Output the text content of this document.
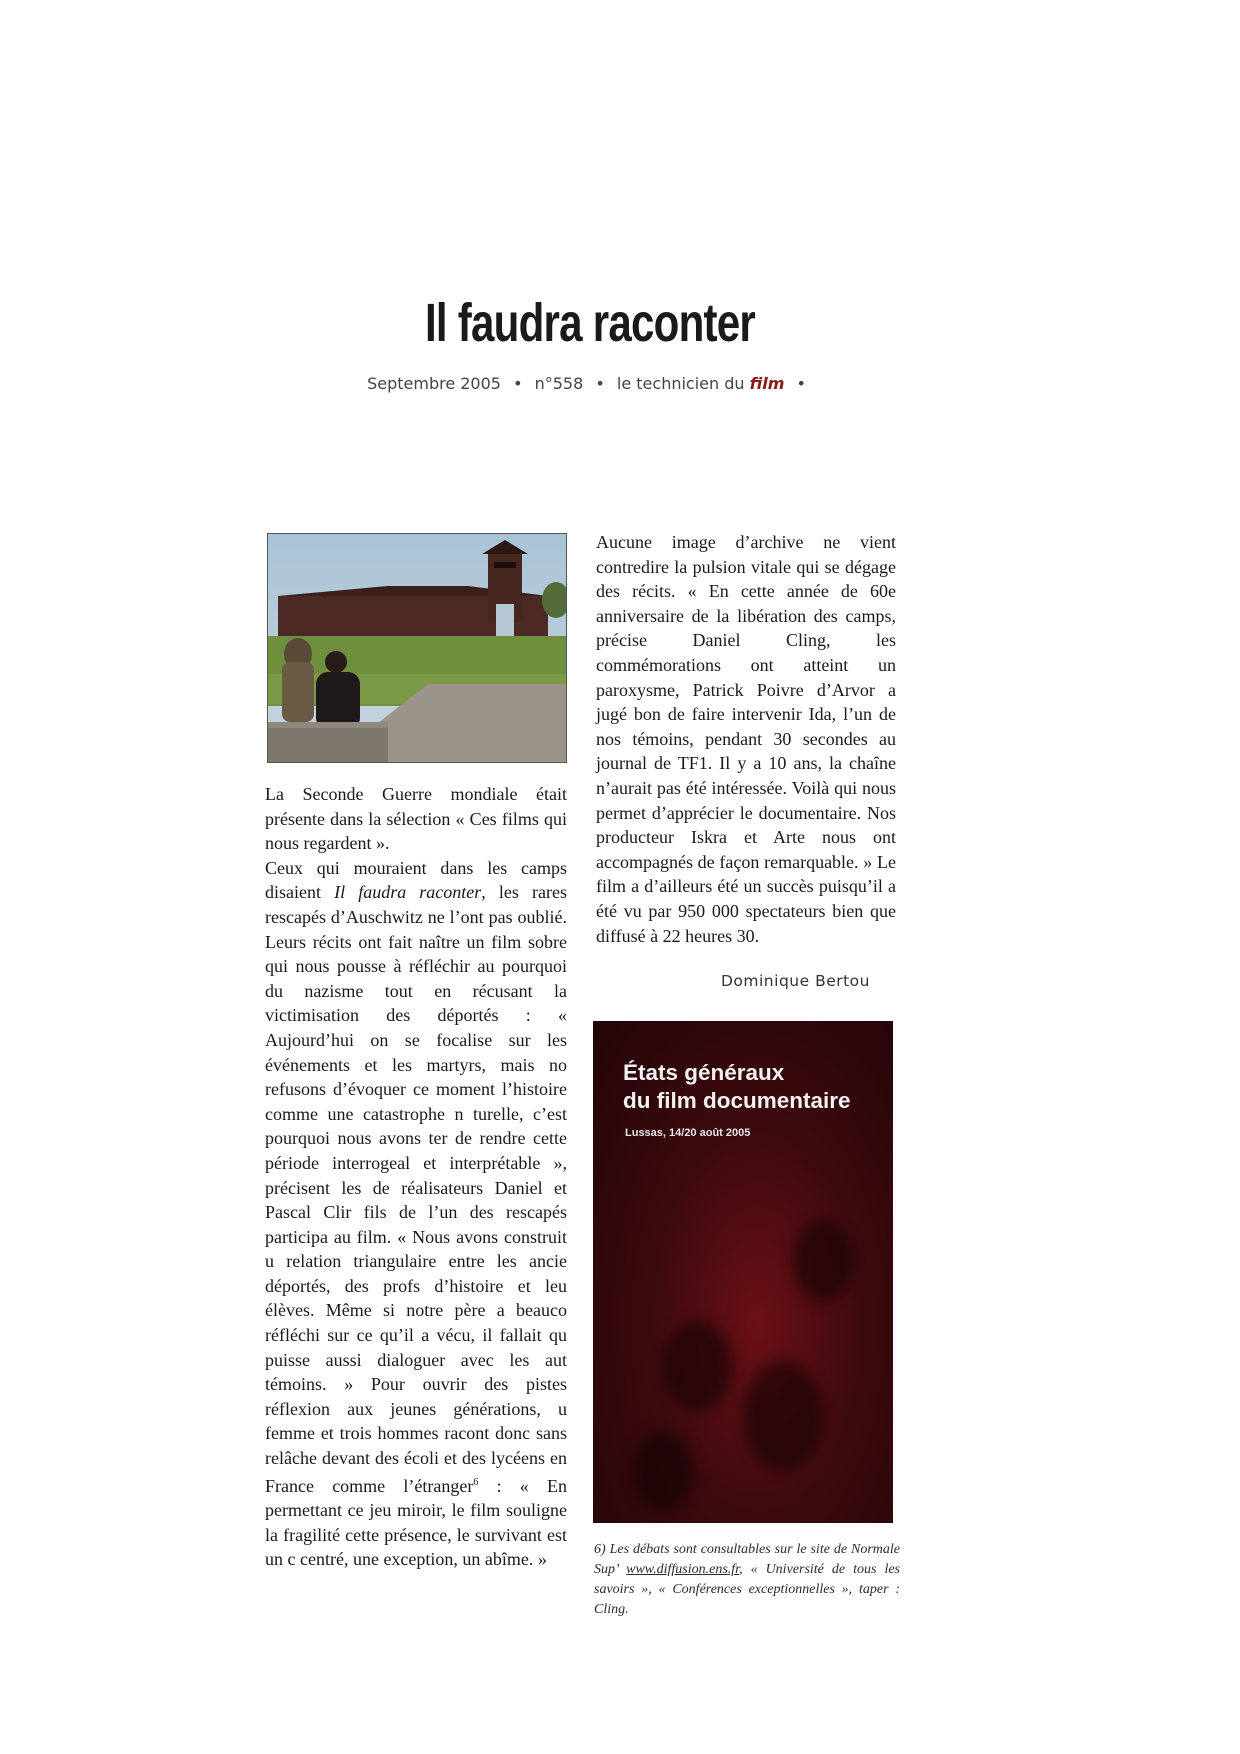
Il faudra raconter
Septembre 2005 • n°558 • le technicien du film •

La Seconde Guerre mondiale était présente dans la sélection « Ces films qui nous regardent ».

Ceux qui mouraient dans les camps disaient Il faudra raconter, les rares rescapés d’Auschwitz ne l’ont pas oublié. Leurs récits ont fait naître un film sobre qui nous pousse à réfléchir au pourquoi du nazisme tout en récusant la victimisation des déportés : « Aujourd’hui on se focalise sur les événements et les martyrs, mais no refusons d’évoquer ce moment l’histoire comme une catastrophe n turelle, c’est pourquoi nous avons ter de rendre cette période interrogeal et interprétable », précisent les de réalisateurs Daniel et Pascal Clir fils de l’un des rescapés participa au film. « Nous avons construit u relation triangulaire entre les ancie déportés, des profs d’histoire et leu élèves. Même si notre père a beauco réfléchi sur ce qu’il a vécu, il fallait qu puisse aussi dialoguer avec les aut témoins. » Pour ouvrir des pistes réflexion aux jeunes générations, u femme et trois hommes racont donc sans relâche devant des écoli et des lycéens en France comme l’étranger$^6$ : « En permettant ce jeu miroir, le film souligne la fragilité cette présence, le survivant est un c centré, une exception, un abîme. »

Aucune image d’archive ne vient contredire la pulsion vitale qui se dégage des récits. « En cette année de 60e anniversaire de la libération des camps, précise Daniel Cling, les commémorations ont atteint un paroxysme, Patrick Poivre d’Arvor a jugé bon de faire intervenir Ida, l’un de nos témoins, pendant 30 secondes au journal de TF1. Il y a 10 ans, la chaîne n’aurait pas été intéressée. Voilà qui nous permet d’apprécier le documentaire. Nos producteur Iskra et Arte nous ont accompagnés de façon remarquable. » Le film a d’ailleurs été un succès puisqu’il a été vu par 950 000 spectateurs bien que diffusé à 22 heures 30.

Dominique Bertou
États généraux
du film documentaire
Lussas, 14/20 août 2005
6) Les débats sont consultables sur le site de Normale Sup’ www.diffusion.ens.fr, « Université de tous les savoirs », « Conférences exceptionnelles », taper : Cling.
